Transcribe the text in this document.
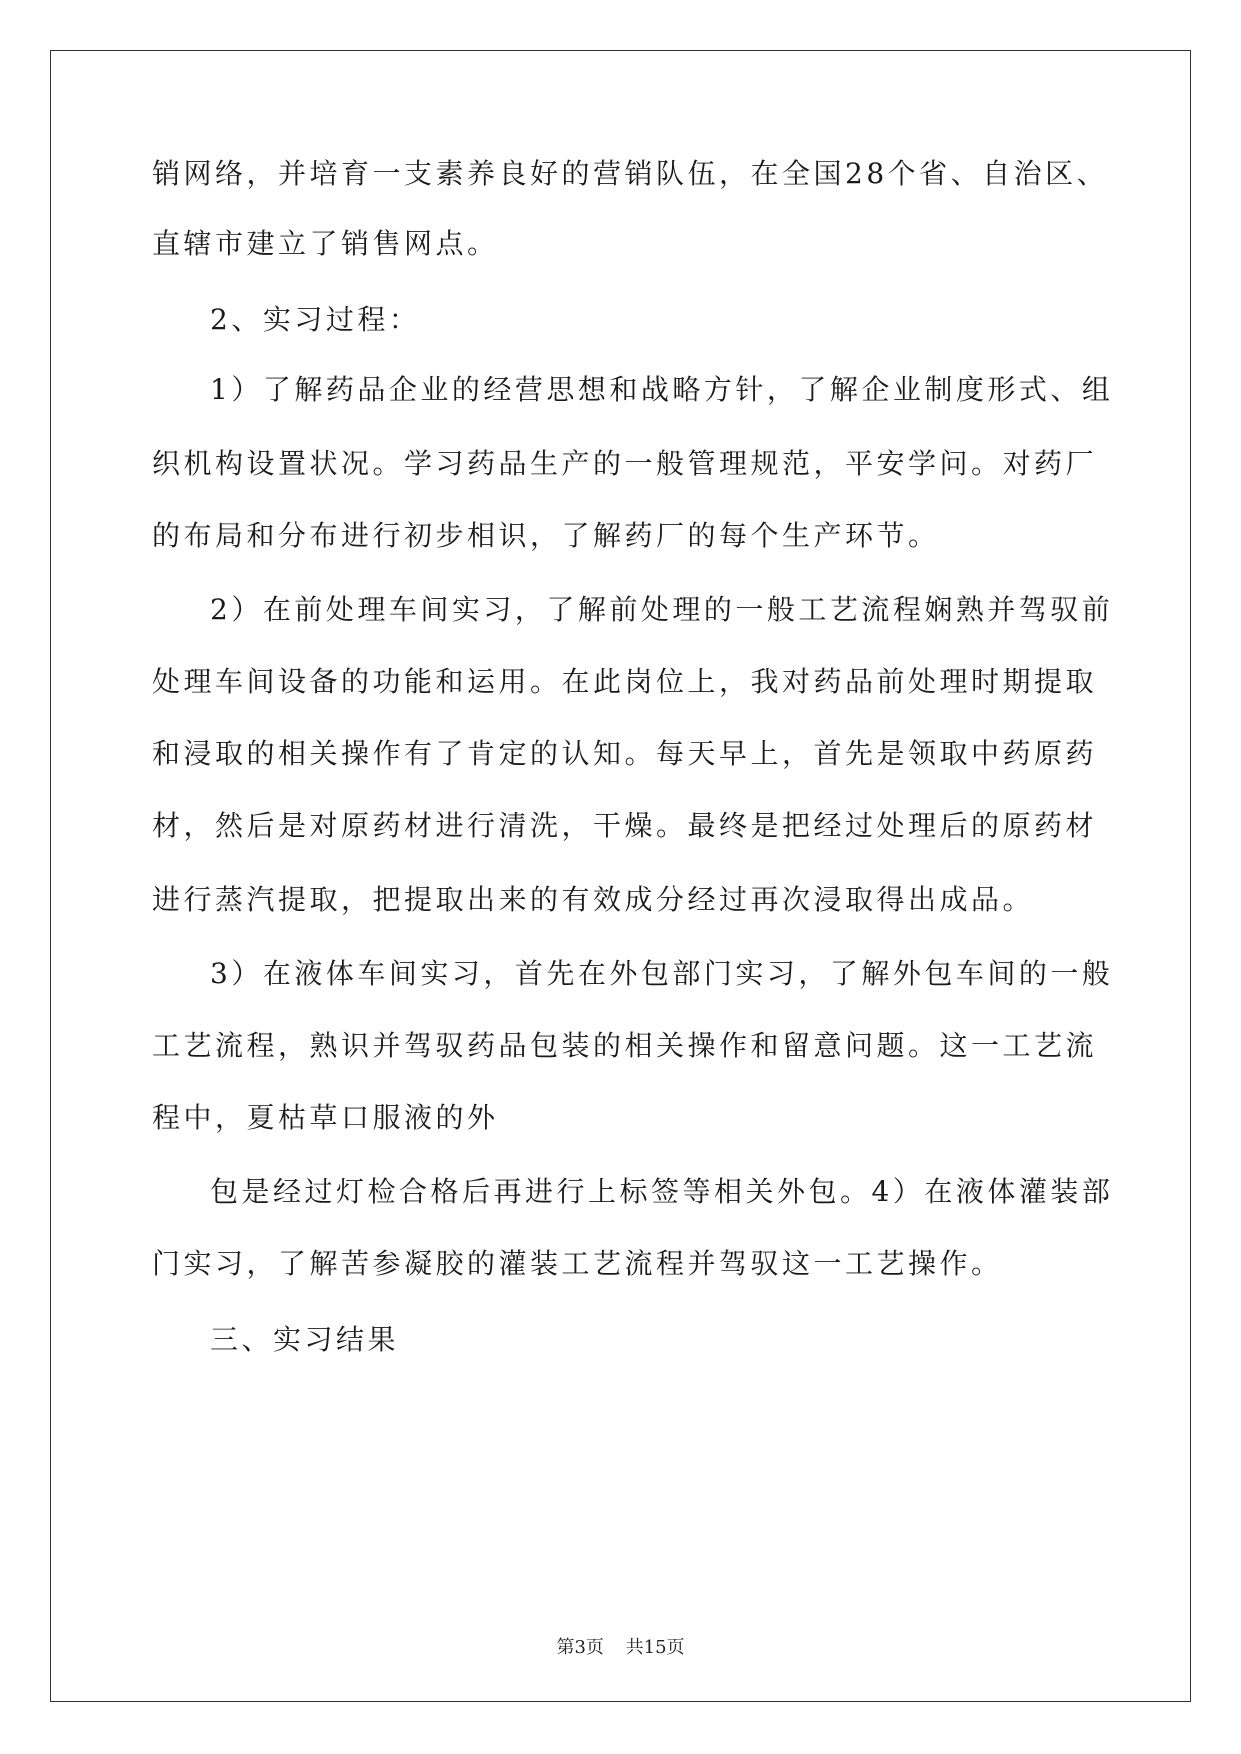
销网络，并培育一支素养良好的营销队伍，在全国28个省、自治区、
直辖市建立了销售网点。
2、实习过程：
1）了解药品企业的经营思想和战略方针，了解企业制度形式、组
织机构设置状况。学习药品生产的一般管理规范，平安学问。对药厂
的布局和分布进行初步相识，了解药厂的每个生产环节。
2）在前处理车间实习，了解前处理的一般工艺流程娴熟并驾驭前
处理车间设备的功能和运用。在此岗位上，我对药品前处理时期提取
和浸取的相关操作有了肯定的认知。每天早上，首先是领取中药原药
材，然后是对原药材进行清洗，干燥。最终是把经过处理后的原药材
进行蒸汽提取，把提取出来的有效成分经过再次浸取得出成品。
3）在液体车间实习，首先在外包部门实习，了解外包车间的一般
工艺流程，熟识并驾驭药品包装的相关操作和留意问题。这一工艺流
程中，夏枯草口服液的外
包是经过灯检合格后再进行上标签等相关外包。4）在液体灌装部
门实习，了解苦参凝胶的灌装工艺流程并驾驭这一工艺操作。
三、实习结果
第3页 共15页
